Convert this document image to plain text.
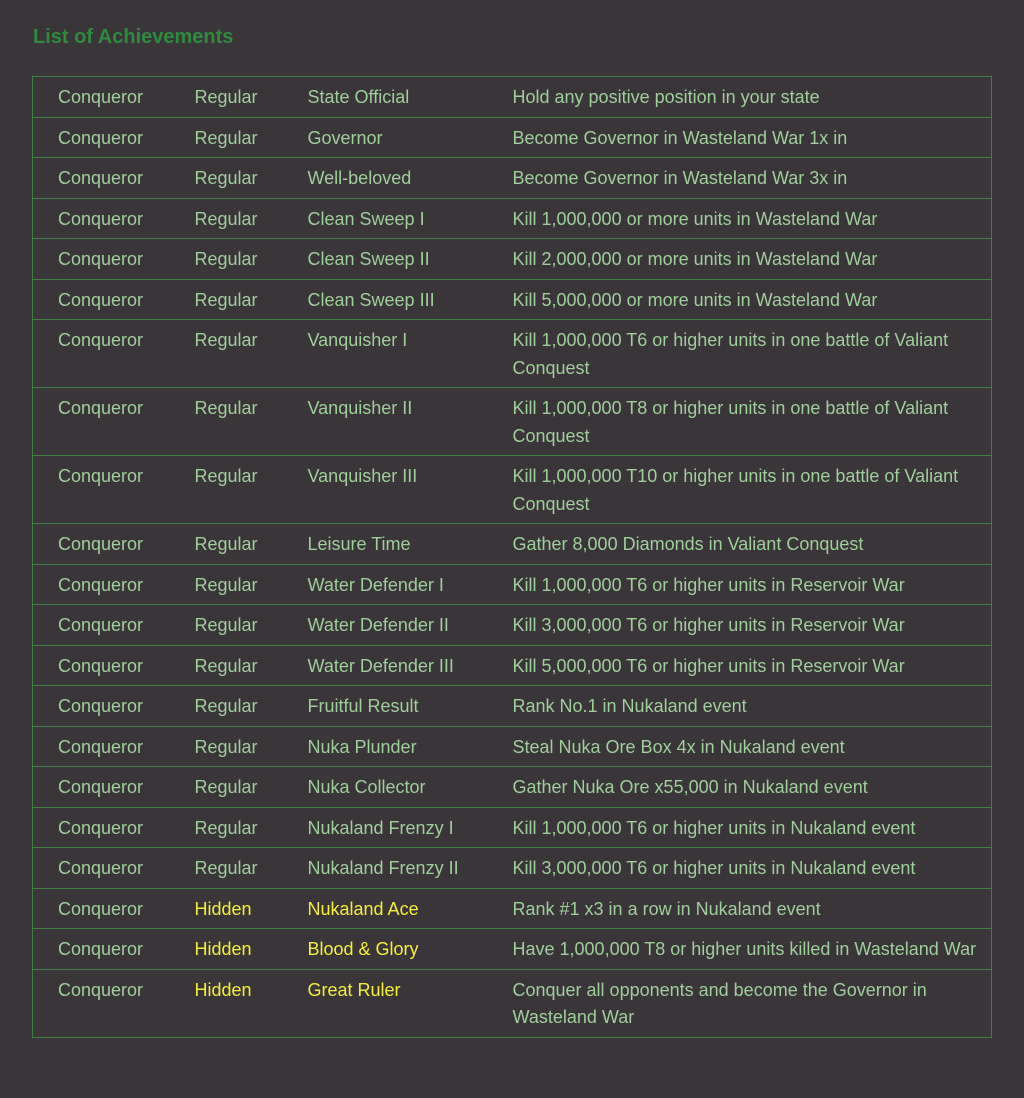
List of Achievements
Conqueror	Regular	State Official	Hold any positive position in your state
Conqueror	Regular	Governor	Become Governor in Wasteland War 1x in
Conqueror	Regular	Well-beloved	Become Governor in Wasteland War 3x in
Conqueror	Regular	Clean Sweep I	Kill 1,000,000 or more units in Wasteland War
Conqueror	Regular	Clean Sweep II	Kill 2,000,000 or more units in Wasteland War
Conqueror	Regular	Clean Sweep III	Kill 5,000,000 or more units in Wasteland War
Conqueror	Regular	Vanquisher I	Kill 1,000,000 T6 or higher units in one battle of Valiant Conquest
Conqueror	Regular	Vanquisher II	Kill 1,000,000 T8 or higher units in one battle of Valiant Conquest
Conqueror	Regular	Vanquisher III	Kill 1,000,000 T10 or higher units in one battle of Valiant Conquest
Conqueror	Regular	Leisure Time	Gather 8,000 Diamonds in Valiant Conquest
Conqueror	Regular	Water Defender I	Kill 1,000,000 T6 or higher units in Reservoir War
Conqueror	Regular	Water Defender II	Kill 3,000,000 T6 or higher units in Reservoir War
Conqueror	Regular	Water Defender III	Kill 5,000,000 T6 or higher units in Reservoir War
Conqueror	Regular	Fruitful Result	Rank No.1 in Nukaland event
Conqueror	Regular	Nuka Plunder	Steal Nuka Ore Box 4x in Nukaland event
Conqueror	Regular	Nuka Collector	Gather Nuka Ore x55,000 in Nukaland event
Conqueror	Regular	Nukaland Frenzy I	Kill 1,000,000 T6 or higher units in Nukaland event
Conqueror	Regular	Nukaland Frenzy II	Kill 3,000,000 T6 or higher units in Nukaland event
Conqueror	Hidden	Nukaland Ace	Rank #1 x3 in a row in Nukaland event
Conqueror	Hidden	Blood & Glory	Have 1,000,000 T8 or higher units killed in Wasteland War
Conqueror	Hidden	Great Ruler	Conquer all opponents and become the Governor in Wasteland War
